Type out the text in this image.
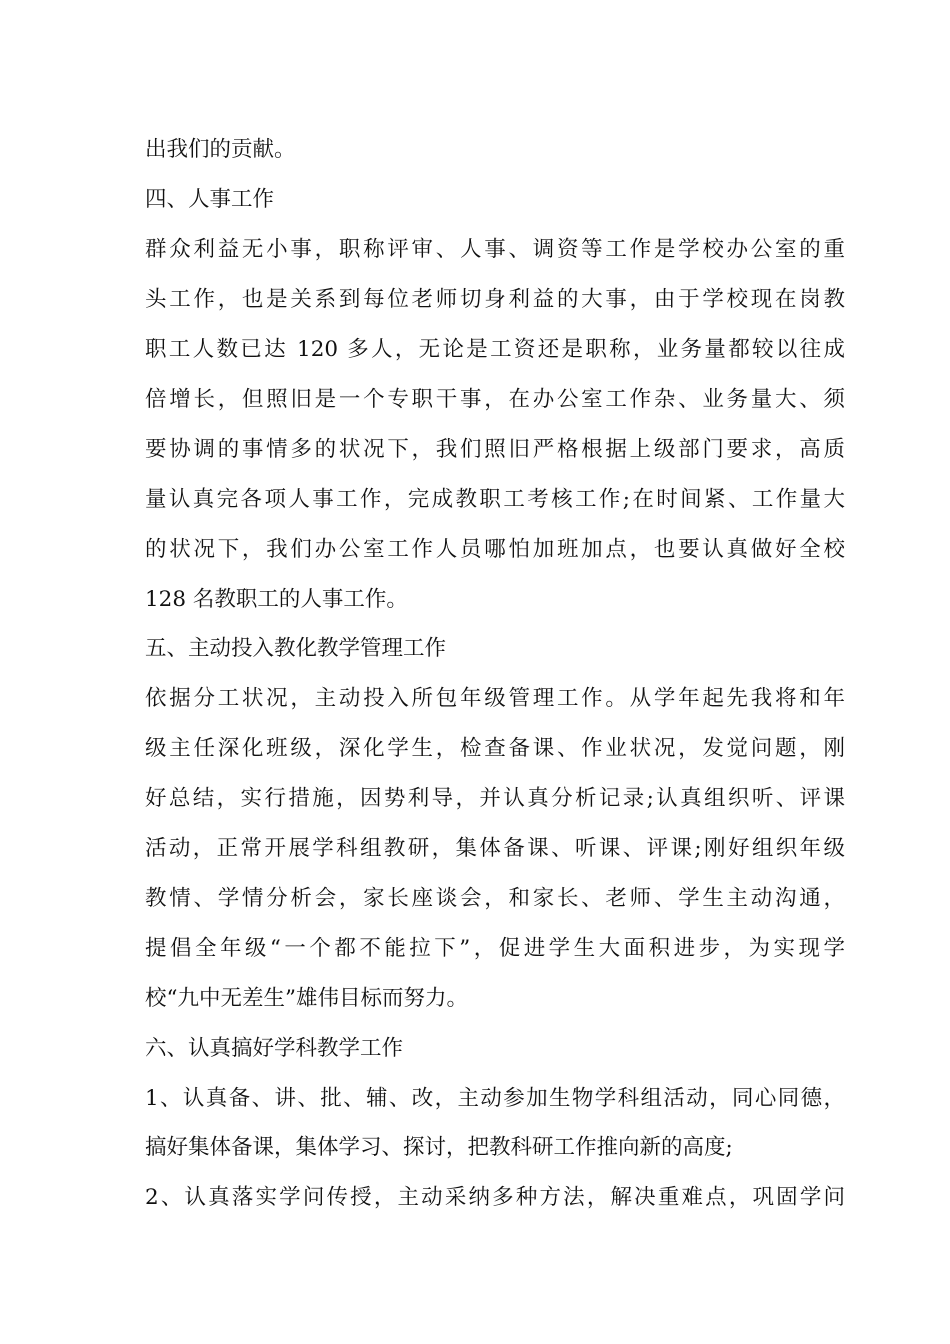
出我们的贡献。
四、人事工作
群众利益无小事，职称评审、人事、调资等工作是学校办公室的重
头工作，也是关系到每位老师切身利益的大事，由于学校现在岗教
职工人数已达 120 多人，无论是工资还是职称，业务量都较以往成
倍增长，但照旧是一个专职干事，在办公室工作杂、业务量大、须
要协调的事情多的状况下，我们照旧严格根据上级部门要求，高质
量认真完各项人事工作，完成教职工考核工作;在时间紧、工作量大
的状况下，我们办公室工作人员哪怕加班加点，也要认真做好全校
128 名教职工的人事工作。
五、主动投入教化教学管理工作
依据分工状况，主动投入所包年级管理工作。从学年起先我将和年
级主任深化班级，深化学生，检查备课、作业状况，发觉问题，刚
好总结，实行措施，因势利导，并认真分析记录;认真组织听、评课
活动，正常开展学科组教研，集体备课、听课、评课;刚好组织年级
教情、学情分析会，家长座谈会，和家长、老师、学生主动沟通，
提倡全年级“一个都不能拉下”，促进学生大面积进步，为实现学
校“九中无差生”雄伟目标而努力。
六、认真搞好学科教学工作
1、认真备、讲、批、辅、改，主动参加生物学科组活动，同心同德，
搞好集体备课，集体学习、探讨，把教科研工作推向新的高度;
2、认真落实学问传授，主动采纳多种方法，解决重难点，巩固学问
